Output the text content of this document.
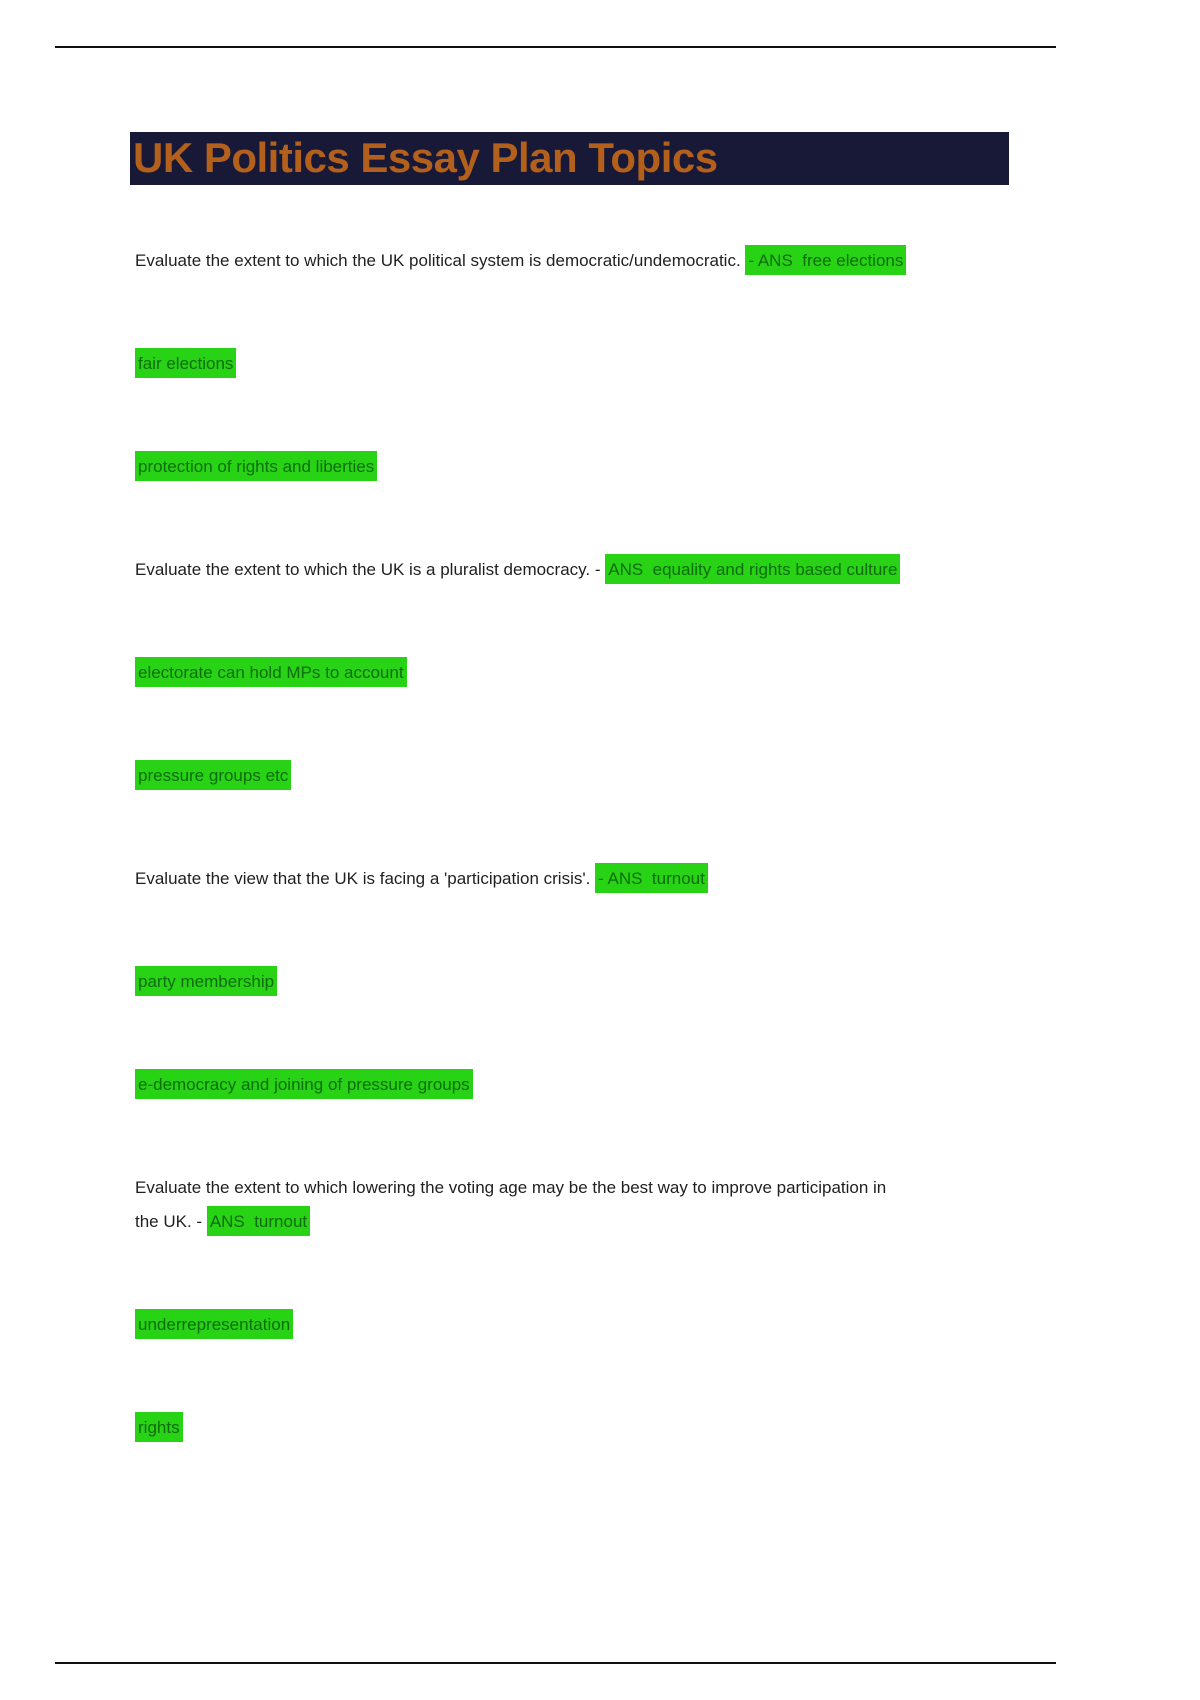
UK Politics Essay Plan Topics

Evaluate the extent to which the UK political system is democratic/undemocratic. - ANS  free elections

fair elections

protection of rights and liberties

Evaluate the extent to which the UK is a pluralist democracy. - ANS  equality and rights based culture

electorate can hold MPs to account

pressure groups etc

Evaluate the view that the UK is facing a 'participation crisis'. - ANS  turnout

party membership

e-democracy and joining of pressure groups

Evaluate the extent to which lowering the voting age may be the best way to improve participation in
the UK. - ANS  turnout

underrepresentation

rights
